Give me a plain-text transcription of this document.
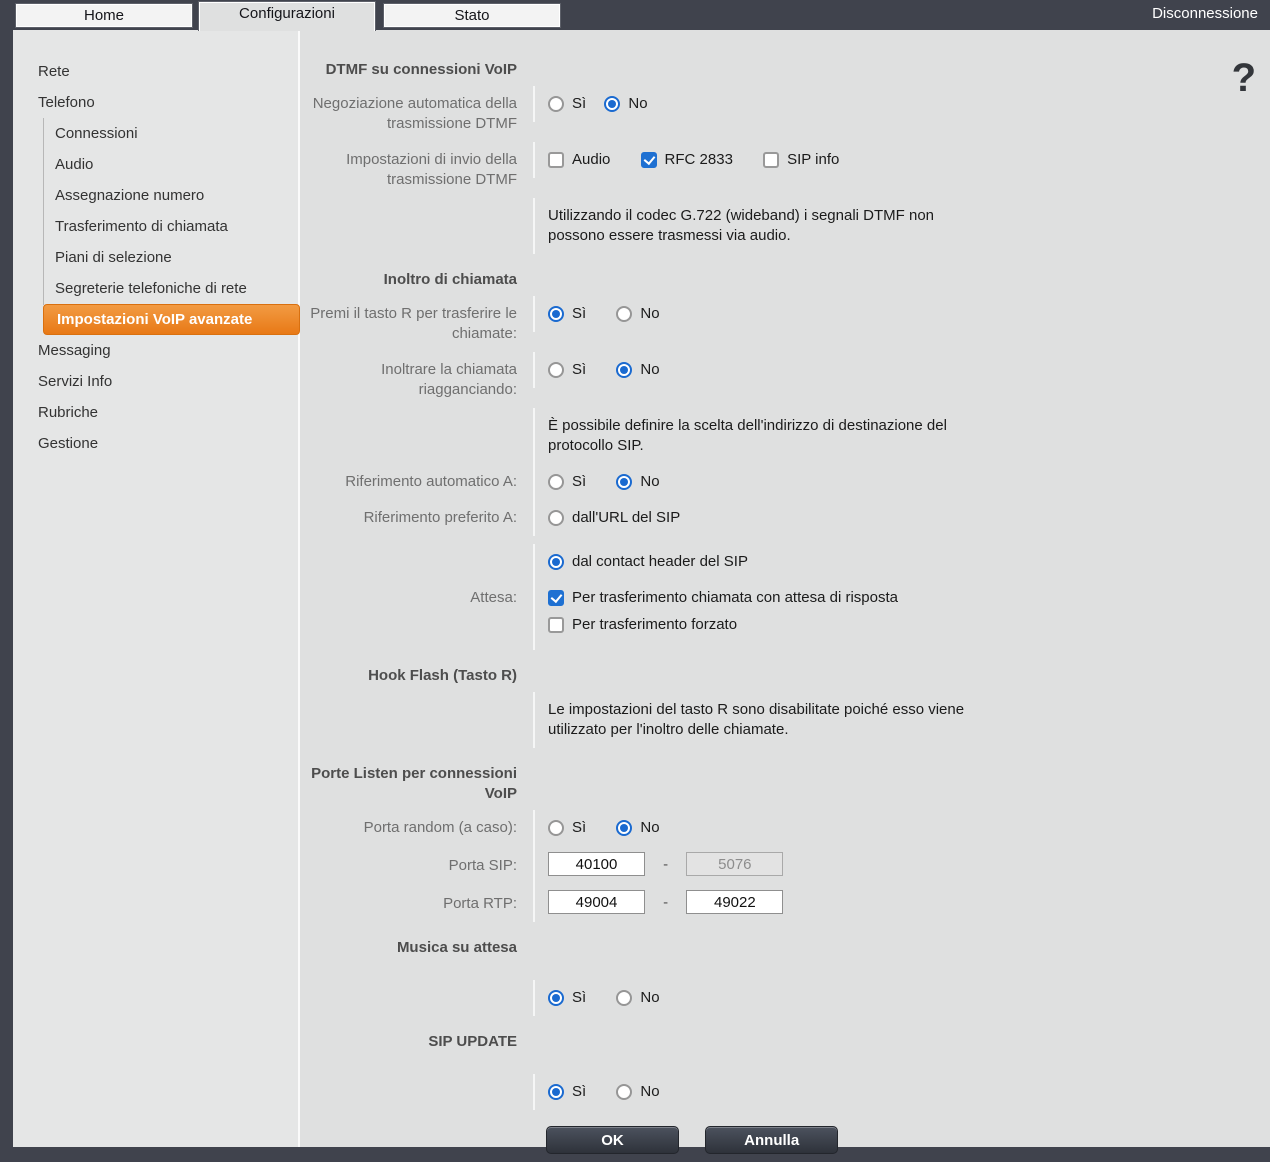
Home	Configurazioni	Stato	Disconnessione
Rete
Telefono
Connessioni
Audio
Assegnazione numero
Trasferimento di chiamata
Piani di selezione
Segreterie telefoniche di rete
Impostazioni VoIP avanzate
Messaging
Servizi Info
Rubriche
Gestione
?
DTMF su connessioni VoIP
Negoziazione automatica della trasmissione DTMF
Sì
	No
Impostazioni di invio della trasmissione DTMF
Audio
	RFC 2833
	SIP info
Utilizzando il codec G.722 (wideband) i segnali DTMF non possono essere trasmessi via audio.
Inoltro di chiamata
Premi il tasto R per trasferire le chiamate:
Sì
	No
Inoltrare la chiamata riagganciando:
Sì
	No
È possibile definire la scelta dell'indirizzo di destinazione del protocollo SIP.
Riferimento automatico A:	Sì
	No
Riferimento preferito A:	dall'URL del SIP
dal contact header del SIP
Attesa:	Per trasferimento chiamata con attesa di risposta
Per trasferimento forzato
Hook Flash (Tasto R)
Le impostazioni del tasto R sono disabilitate poiché esso viene utilizzato per l'inoltro delle chiamate.
Porte Listen per connessioni VoIP
Porta random (a caso):	Sì
	No
Porta SIP:
40100	- 5076
Porta RTP:
49004	- 49022
Musica su attesa
Sì
	No
SIP UPDATE
Sì
	No
OK	Annulla
